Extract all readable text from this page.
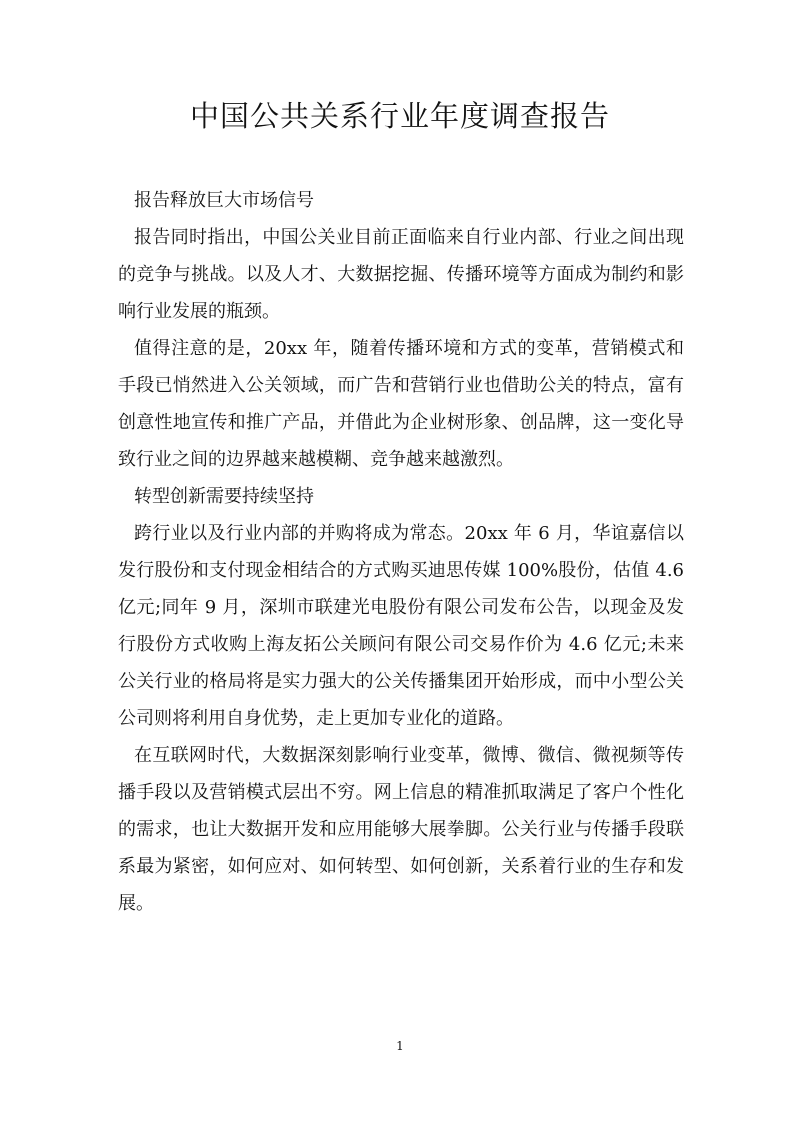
中国公共关系行业年度调查报告

报告释放巨大市场信号

报告同时指出，中国公关业目前正面临来自行业内部、行业之间出现的竞争与挑战。以及人才、大数据挖掘、传播环境等方面成为制约和影响行业发展的瓶颈。

值得注意的是，20xx 年，随着传播环境和方式的变革，营销模式和手段已悄然进入公关领域，而广告和营销行业也借助公关的特点，富有创意性地宣传和推广产品，并借此为企业树形象、创品牌，这一变化导致行业之间的边界越来越模糊、竞争越来越激烈。

转型创新需要持续坚持

跨行业以及行业内部的并购将成为常态。20xx 年 6 月，华谊嘉信以发行股份和支付现金相结合的方式购买迪思传媒 100%股份，估值 4.6 亿元;同年 9 月，深圳市联建光电股份有限公司发布公告，以现金及发行股份方式收购上海友拓公关顾问有限公司交易作价为 4.6 亿元;未来公关行业的格局将是实力强大的公关传播集团开始形成，而中小型公关公司则将利用自身优势，走上更加专业化的道路。

在互联网时代，大数据深刻影响行业变革，微博、微信、微视频等传播手段以及营销模式层出不穷。网上信息的精准抓取满足了客户个性化的需求，也让大数据开发和应用能够大展拳脚。公关行业与传播手段联系最为紧密，如何应对、如何转型、如何创新，关系着行业的生存和发展。

1
